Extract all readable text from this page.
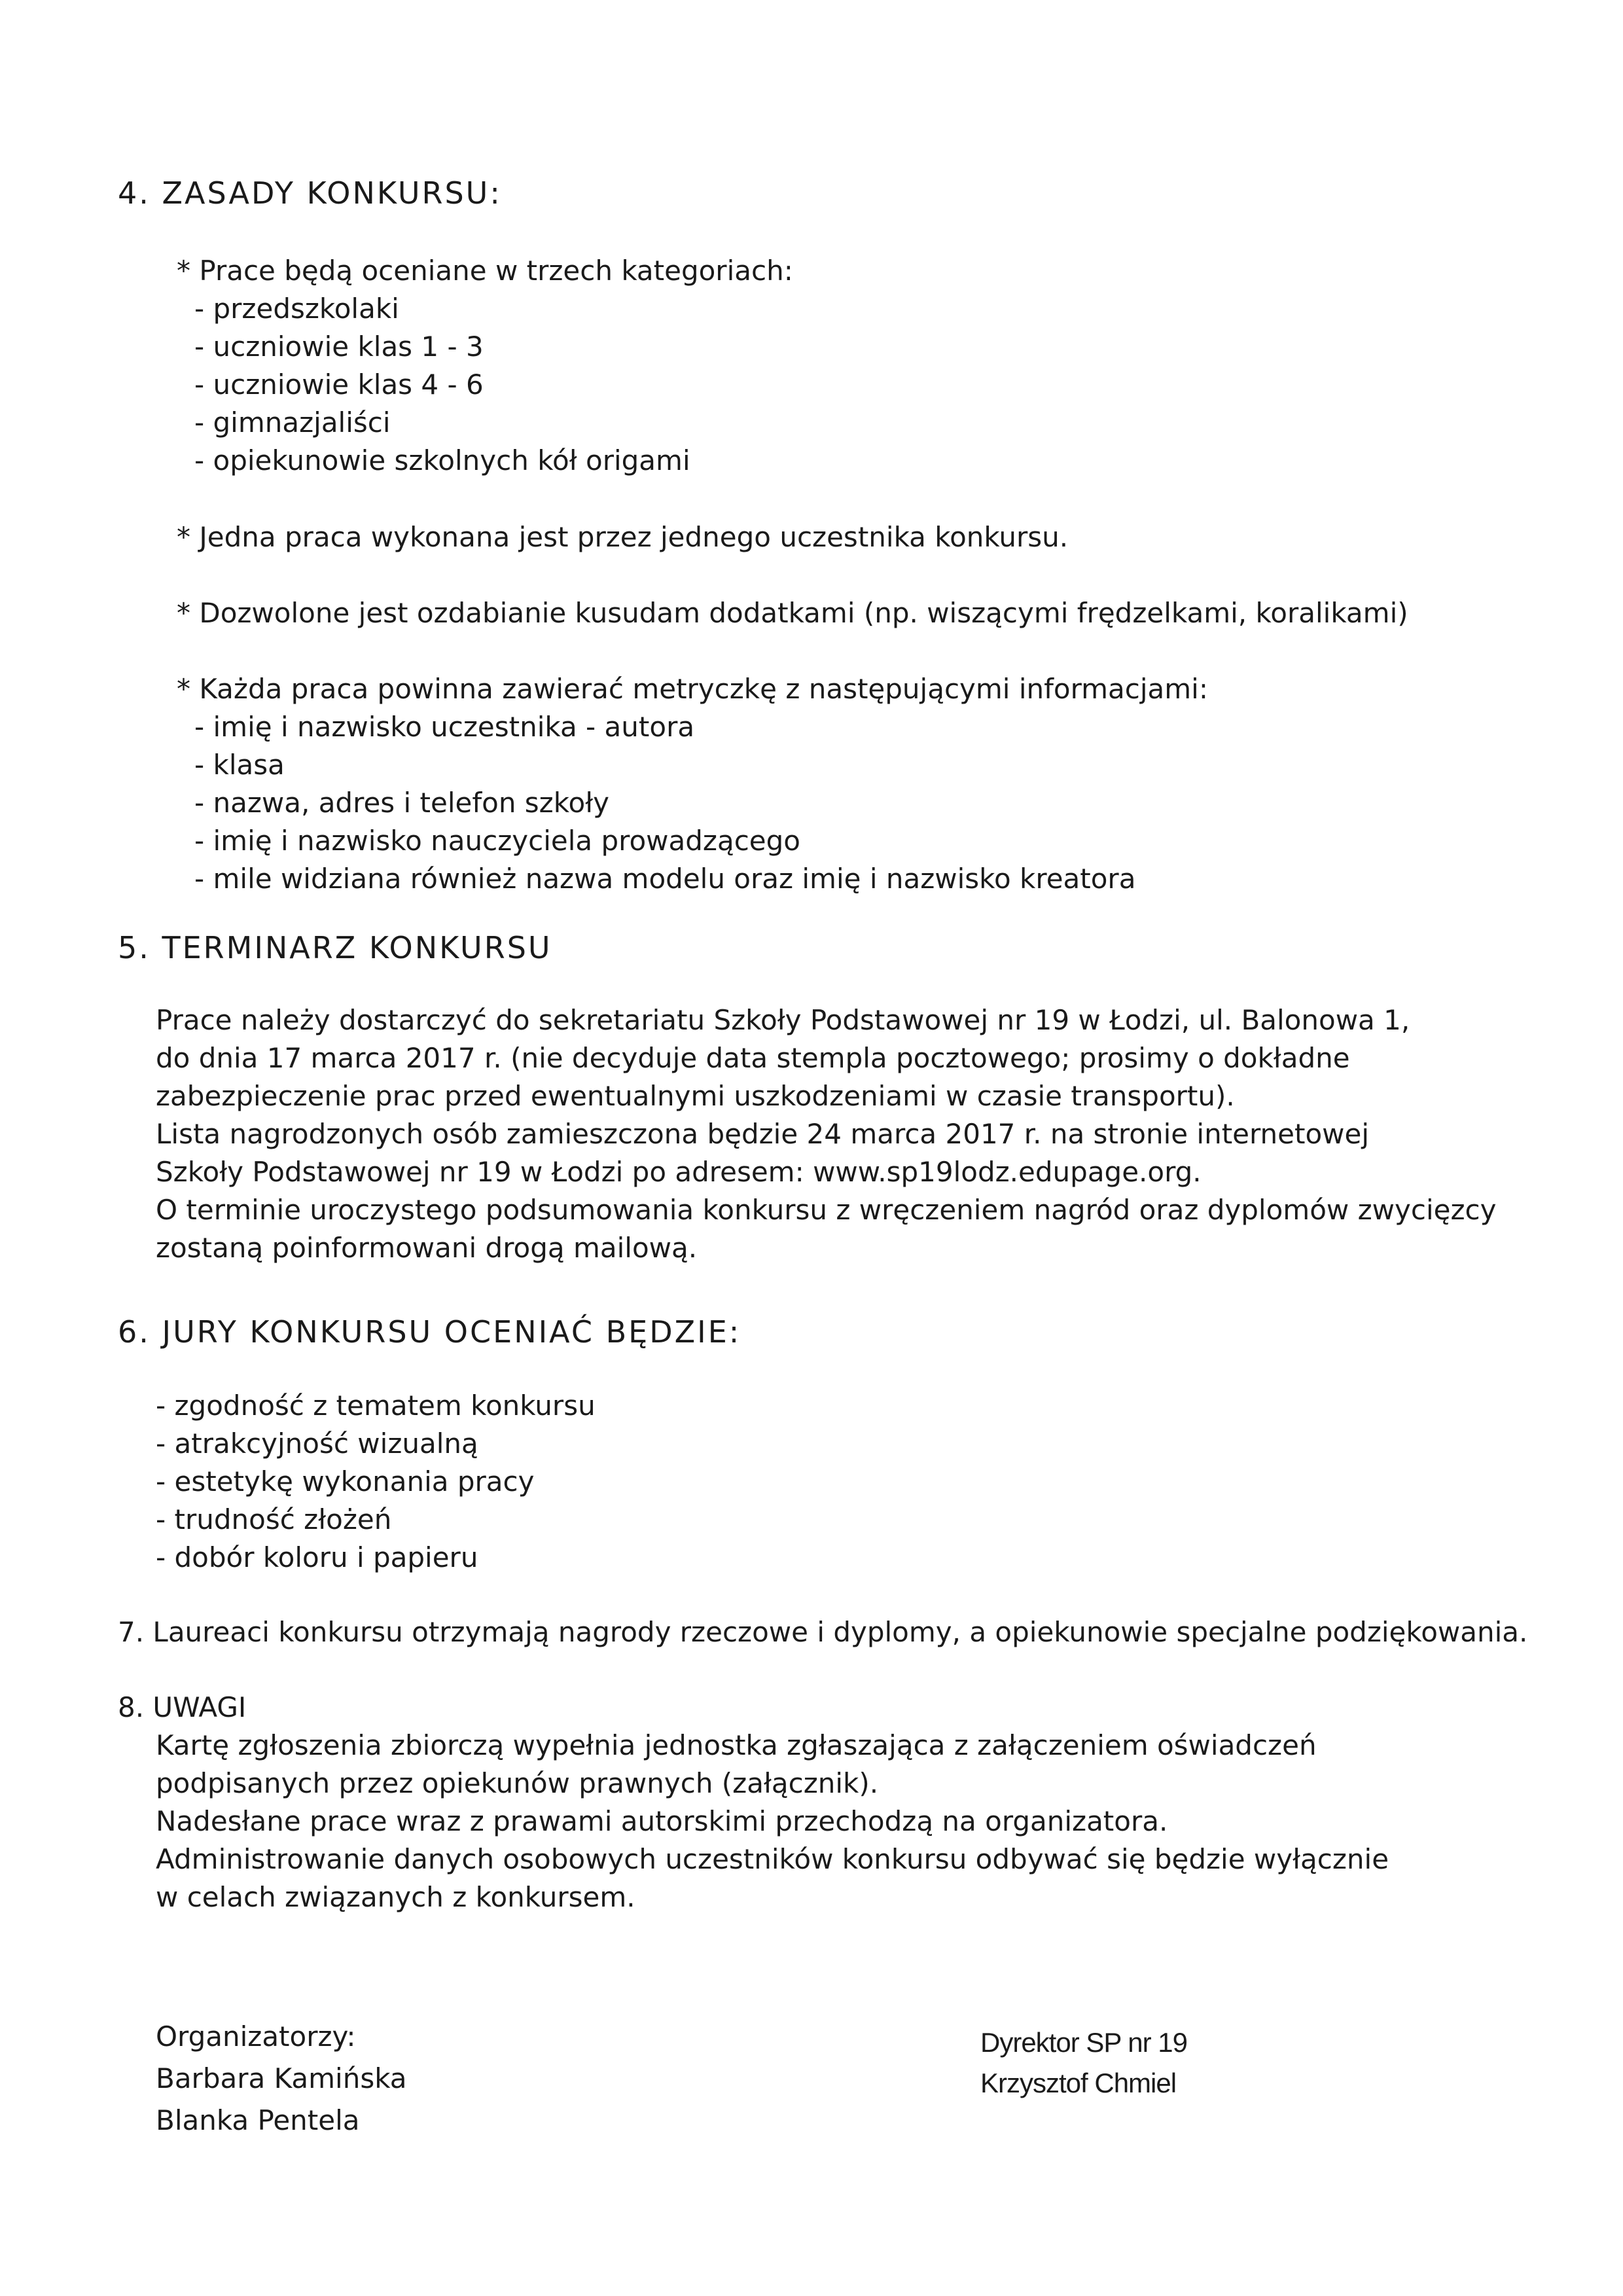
4. ZASADY KONKURSU:
* Prace będą oceniane w trzech kategoriach:
- przedszkolaki
- uczniowie klas 1 - 3
- uczniowie klas 4 - 6
- gimnazjaliści
- opiekunowie szkolnych kół origami
* Jedna praca wykonana jest przez jednego uczestnika konkursu.
* Dozwolone jest ozdabianie kusudam dodatkami (np. wiszącymi frędzelkami, koralikami)
* Każda praca powinna zawierać metryczkę z następującymi informacjami:
- imię i nazwisko uczestnika - autora
- klasa
- nazwa, adres i telefon szkoły
- imię i nazwisko nauczyciela prowadzącego
- mile widziana również nazwa modelu oraz imię i nazwisko kreatora
5. TERMINARZ KONKURSU
Prace należy dostarczyć do sekretariatu Szkoły Podstawowej nr 19 w Łodzi, ul. Balonowa 1,
do dnia 17 marca 2017 r. (nie decyduje data stempla pocztowego; prosimy o dokładne
zabezpieczenie prac przed ewentualnymi uszkodzeniami w czasie transportu).
Lista nagrodzonych osób zamieszczona będzie 24 marca 2017 r. na stronie internetowej
Szkoły Podstawowej nr 19 w Łodzi po adresem: www.sp19lodz.edupage.org.
O terminie uroczystego podsumowania konkursu z wręczeniem nagród oraz dyplomów zwycięzcy
zostaną poinformowani drogą mailową.
6. JURY KONKURSU OCENIAĆ BĘDZIE:
- zgodność z tematem konkursu
- atrakcyjność wizualną
- estetykę wykonania pracy
- trudność złożeń
- dobór koloru i papieru
7. Laureaci konkursu otrzymają nagrody rzeczowe i dyplomy, a opiekunowie specjalne podziękowania.
8. UWAGI
Kartę zgłoszenia zbiorczą wypełnia jednostka zgłaszająca z załączeniem oświadczeń
podpisanych przez opiekunów prawnych (załącznik).
Nadesłane prace wraz z prawami autorskimi przechodzą na organizatora.
Administrowanie danych osobowych uczestników konkursu odbywać się będzie wyłącznie
w celach związanych z konkursem.
Organizatorzy:
Barbara Kamińska
Blanka Pentela
Dyrektor SP nr 19
Krzysztof Chmiel
